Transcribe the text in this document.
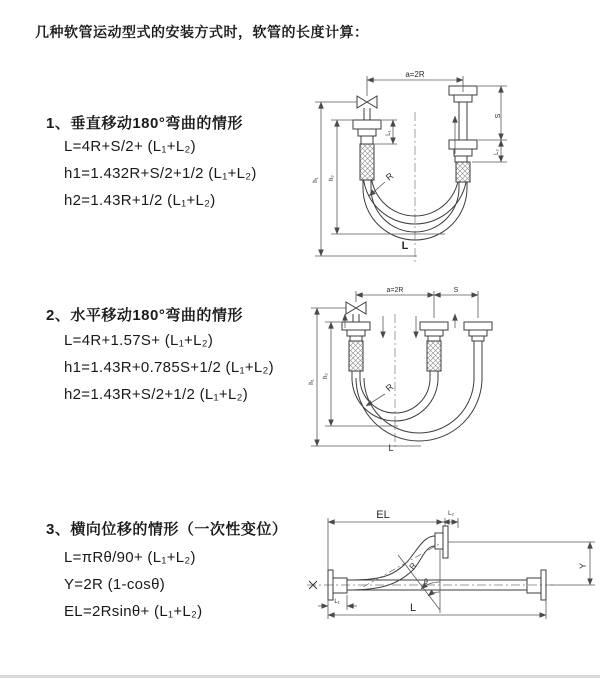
几种软管运动型式的安装方式时，软管的长度计算：
1、垂直移动180°弯曲的情形
L=4R+S/2+ (L₁+L₂)
h1=1.432R+S/2+1/2 (L₁+L₂)
h2=1.43R+1/2 (L₁+L₂)
2、水平移动180°弯曲的情形
L=4R+1.57S+ (L₁+L₂)
h1=1.43R+0.785S+1/2 (L₁+L₂)
h2=1.43R+S/2+1/2 (L₁+L₂)
3、横向位移的情形（一次性变位）
L=πRθ/90+ (L₁+L₂)
Y=2R (1-cosθ)
EL=2Rsinθ+ (L₁+L₂)
a=2R
S
L₂
L₁
h₂
h₁	R
L
a=2R	S
h₂
h₁	R
L
EL	L₂
Y
L
L₁
R
θ
